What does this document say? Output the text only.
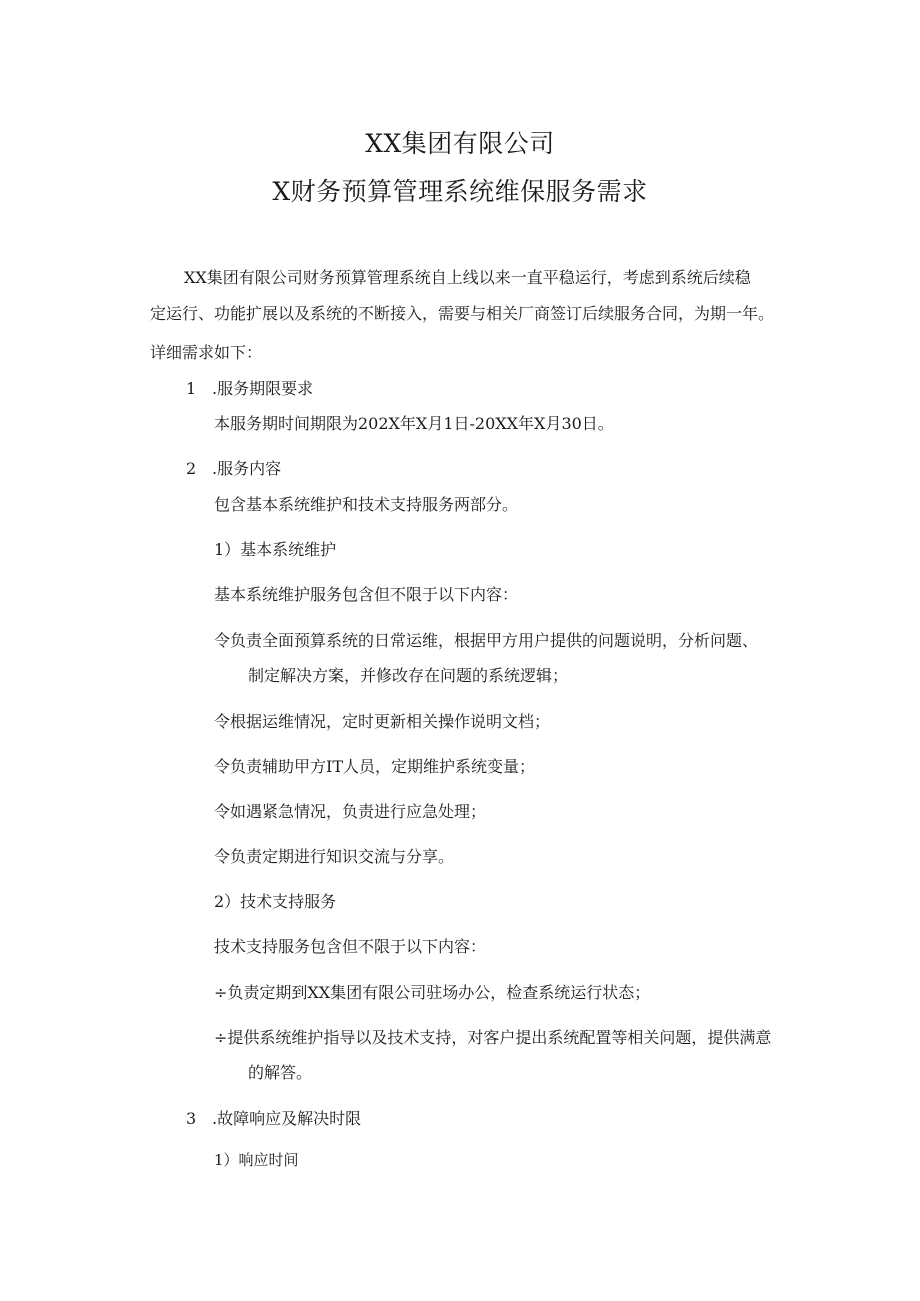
XX集团有限公司
X财务预算管理系统维保服务需求

XX集团有限公司财务预算管理系统自上线以来一直平稳运行，考虑到系统后续稳

定运行、功能扩展以及系统的不断接入，需要与相关厂商签订后续服务合同，为期一年。

详细需求如下：

1 .服务期限要求

本服务期时间期限为202X年X月1日-20XX年X月30日。

2 .服务内容

包含基本系统维护和技术支持服务两部分。

1）基本系统维护

基本系统维护服务包含但不限于以下内容：

令负责全面预算系统的日常运维，根据甲方用户提供的问题说明，分析问题、

制定解决方案，并修改存在问题的系统逻辑；

令根据运维情况，定时更新相关操作说明文档；

令负责辅助甲方IT人员，定期维护系统变量；

令如遇紧急情况，负责进行应急处理；

令负责定期进行知识交流与分享。

2）技术支持服务

技术支持服务包含但不限于以下内容：

÷负责定期到XX集团有限公司驻场办公，检查系统运行状态；

÷提供系统维护指导以及技术支持，对客户提出系统配置等相关问题，提供满意

的解答。

3 .故障响应及解决时限

1）响应时间
